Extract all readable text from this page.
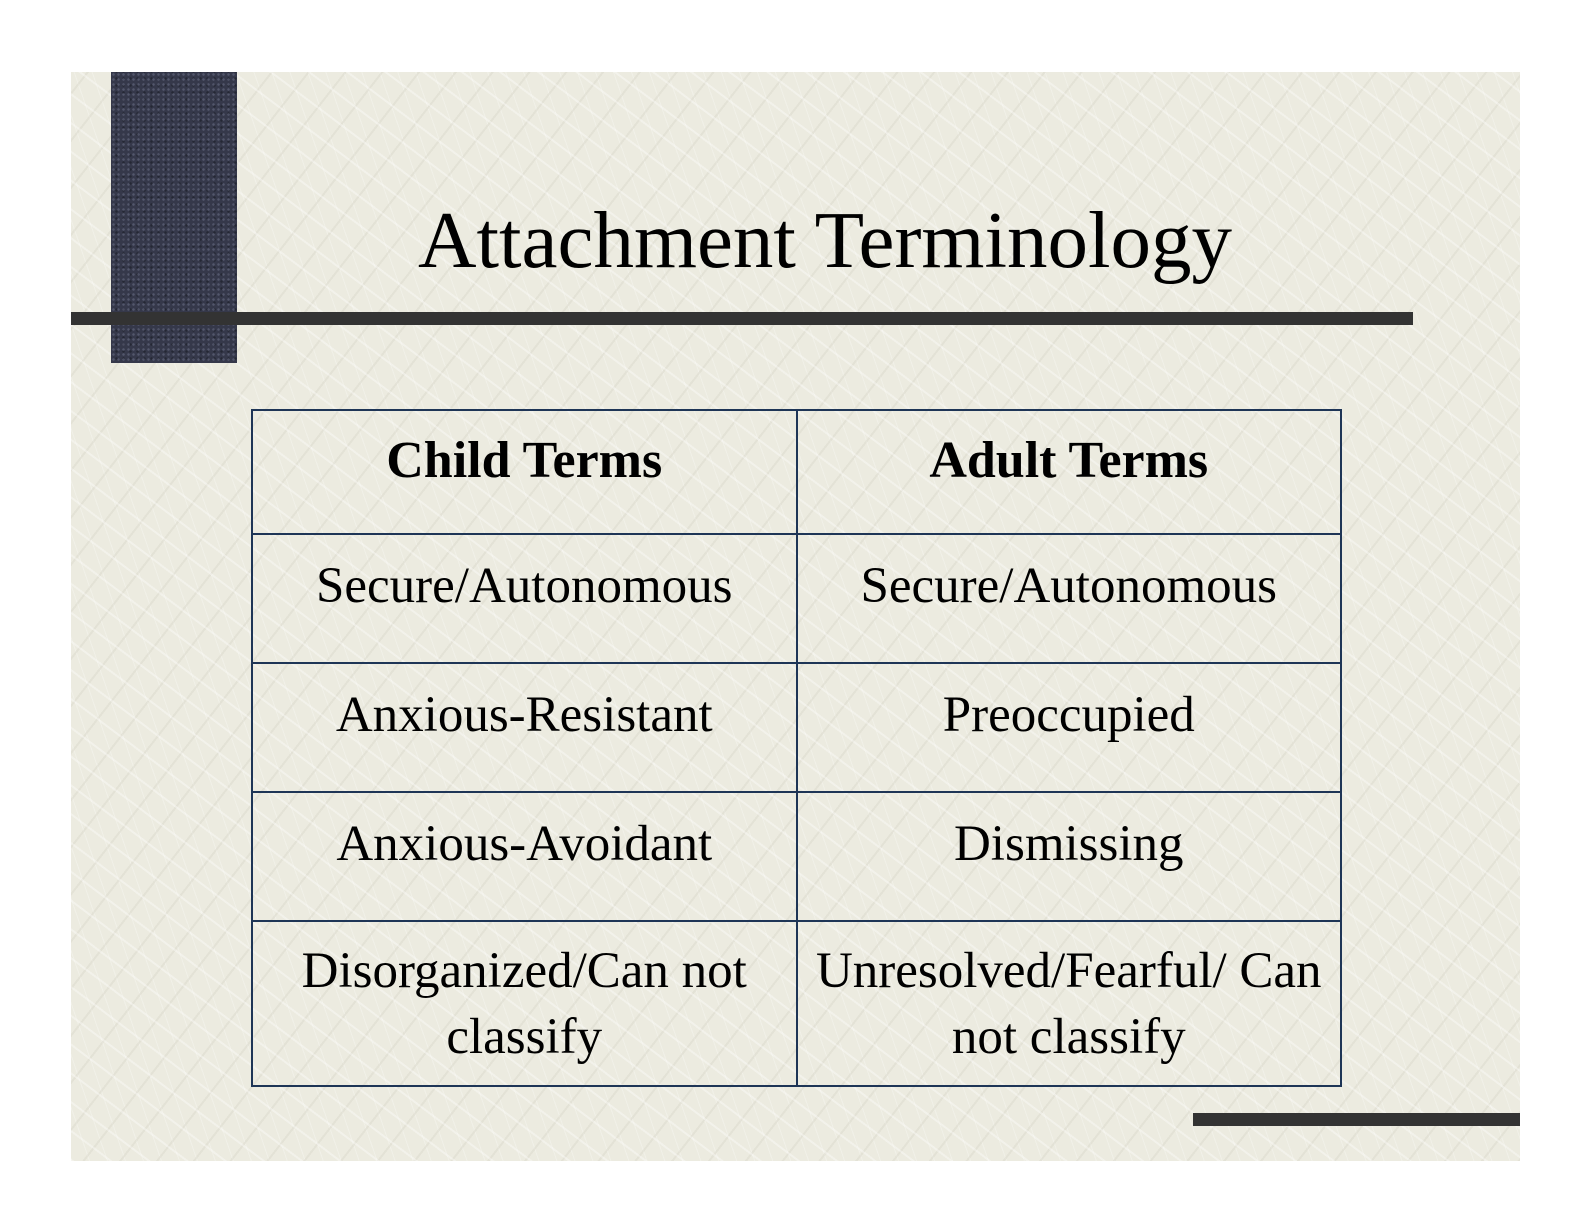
Attachment Terminology
Child Terms	Adult Terms
Secure/Autonomous	Secure/Autonomous
Anxious-Resistant	Preoccupied
Anxious-Avoidant	Dismissing
Disorganized/Can not classify	Unresolved/Fearful/ Can not classify
